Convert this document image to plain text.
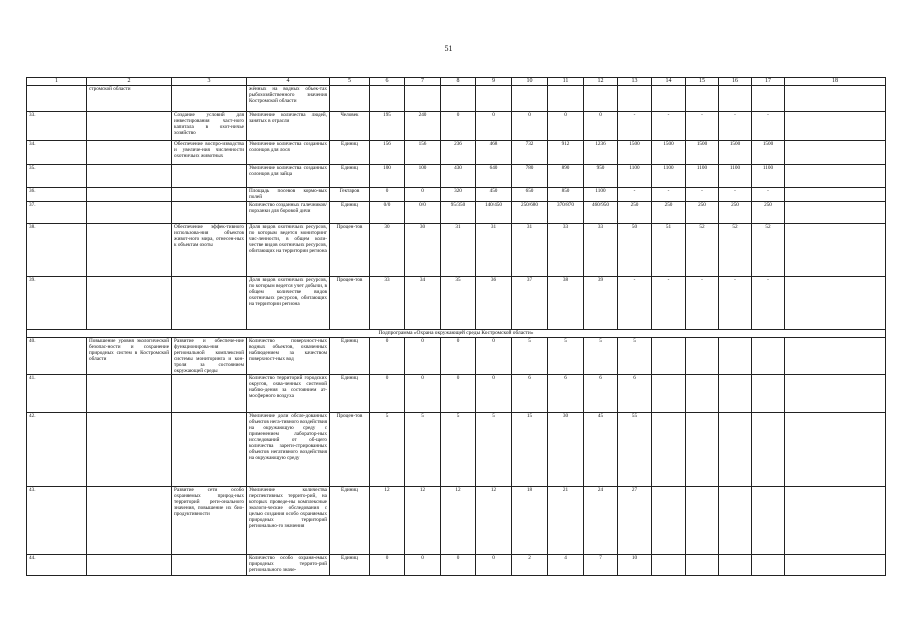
51
1	2	3	4	5	6	7	8	9	10	11	12	13	14	15	16	17	18
	стромской области		жённых на водных объек-тах рыбохозяйственного значения Костромской области														
33.		Создание условий для инвестирования част-ного капитала в охот-ничье хозяйство	Увеличение количества людей, занятых в отрасли	Человек	195	240	0	0	0	0	0	-	-	-	-	-	
34.		Обеспечение воспро-изводства и увеличе-ния численности охотничьих животных	Увеличение количества созданных солонцов для лося	Единиц	156	156	236	468	732	912	1236	1500	1500	1500	1500	1500	
35.			Увеличение количества созданных солонцов для зайца	Единиц	100	100	430	640	780	890	950	1100	1100	1100	1100	1100	
36.			Площадь посевов кормо-вых полей	Гектаров	0	0	320	450	650	850	1100	-	-	-	-	-	
37.			Количество созданных галечников/порханки для боровой дичи	Единиц	0/0	0/0	95/350	140/450	250/680	370/870	460/950	250	250	250	250	250	
38.		Обеспечение эффек-тивного использова-ния объектов живот-ного мира, отнесен-ных к объектам охоты	Доля видов охотничьих ресурсов, по которым ведется мониторинг чис-ленности, в общем коли-честве видов охотничьих ресурсов, обитающих на территории региона	Процен-тов	30	30	31	31	31	33	33	50	51	52	52	52	
39.			Доля видов охотничьих ресурсов, по которым ведется учет добычи, в общем количестве видов охотничьих ресурсов, обитающих на территории региона	Процен-тов	33	34	35	36	37	38	39	-	-	-	-	-	
Подпрограмма «Охрана окружающей среды Костромской области»																	
40.	Повышение уровня экологической безопас-ности и сохранение природных систем в Костромской области	Развитие и обеспече-ние функционирова-ния региональной комплексной системы мониторинга и кон-троля за состоянием окружающей среды	Количество поверхност-ных водных объектов, охваченных наблюдением за качеством поверхност-ных вод	Единиц	0	0	0	0	5	5	5	5					
41.			Количество территорий городских округов, охва-ченных системой наблю-дения за состоянием ат-мосферного воздуха	Единиц	0	0	0	0	6	6	6	6					
42.			Увеличение доли обсле-дованных объектов нега-тивного воздействия на окружающую среду с применением лаборатор-ных исследований от об-щего количества зареги-стрированных объектов негативного воздействия на окружающую среду	Процен-тов	5	5	5	5	15	30	45	55					
43.		Развитие сети особо охраняемых природ-ных территорий реги-онального значения, повышение их био-продуктивности	Увеличение количества перспективных террито-рий, на которых проведе-ны комплексные экологи-ческие обследования с целью создания особо охраняемых природных территорий регионально-го значения	Единиц	12	12	12	12	18	21	24	27					
44.			Количество особо охраня-емых природных террито-рий регионального значе-	Единиц	0	0	0	0	2	4	7	10					
